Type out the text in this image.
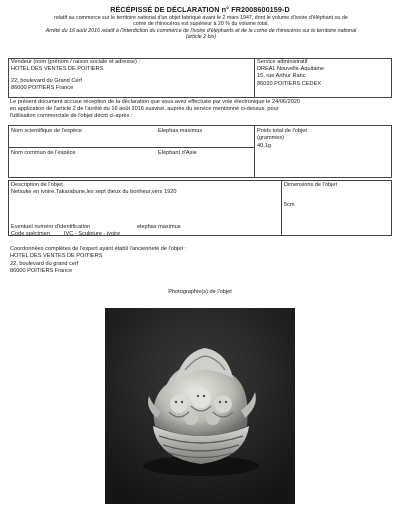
RÉCÉPISSÉ DE DÉCLARATION n° FR2008600159-D
relatif au commerce sur le territoire national d'un objet fabriqué avant le 2 mars 1947, dont le volume d'ivoire d'éléphant ou de
corne de rhinocéros est supérieur à 20 % du volume total.
Arrêté du 16 août 2016 relatif à l'interdiction du commerce de l'ivoire d'éléphants et de la corne de rhinocéros sur le territoire national
(article 2 bis)
Vendeur (nom (prénom / raison sociale et adresse) :
HOTEL DES VENTES DE POITIERS
22, boulevard du Grand Cerf
86000 POITIERS France
Service administratif
DREAL Nouvelle-Aquitaine
15, rue Arthur Ranc
86020 POITIERS CEDEX
Le présent document accuse réception de la déclaration que vous avez effectuée par voie électronique le 24/06/2020
en application de l'article 2 de l'arrêté du 16 août 2016 susvisé, auprès du service mentionné ci-dessus, pour
l'utilisation commerciale de l'objet décrit ci-après :
Nom scientifique de l'espèce	Elephas maximus
Nom commun de l'espèce	Eléphant d'Asie
Poids total de l'objet
(grammes)
40,1g
Description de l'objet
Netsuke en ivoire,Takarabune,les sept dieux du bonheur,vers 1920
Dimensions de l'objet
5cm
Eventuel numéro d'identification	elephas maximus
Code spécimen	IVC - Sculpture - ivoire
Coordonnées complètes de l'expert ayant établi l'ancienneté de l'objet :
HOTEL DES VENTES DE POITIERS
22, boulevard du grand cerf
86000 POITIERS France
Photographie(s) de l'objet
